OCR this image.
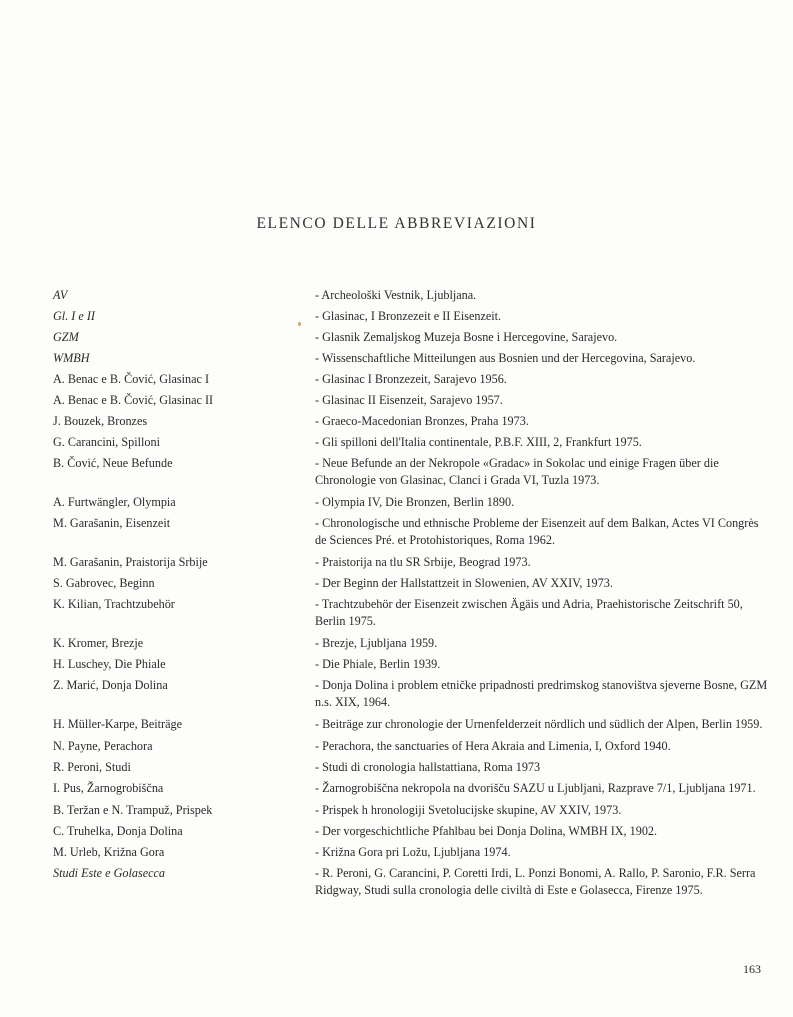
ELENCO DELLE ABBREVIAZIONI
AV	- Archeološki Vestnik, Ljubljana.
Gl. I e II	- Glasinac, I Bronzezeit e II Eisenzeit.
GZM	- Glasnik Zemaljskog Muzeja Bosne i Hercegovine, Sarajevo.
WMBH	- Wissenschaftliche Mitteilungen aus Bosnien und der Hercegovina, Sarajevo.
A. Benac e B. Čović, Glasinac I	- Glasinac I Bronzezeit, Sarajevo 1956.
A. Benac e B. Čović, Glasinac II	- Glasinac II Eisenzeit, Sarajevo 1957.
J. Bouzek, Bronzes	- Graeco-Macedonian Bronzes, Praha 1973.
G. Carancini, Spilloni	- Gli spilloni dell'Italia continentale, P.B.F. XIII, 2, Frankfurt 1975.
B. Čović, Neue Befunde	- Neue Befunde an der Nekropole «Gradac» in Sokolac und einige Fragen über die Chronologie von Glasinac, Clanci i Grada VI, Tuzla 1973.
A. Furtwängler, Olympia	- Olympia IV, Die Bronzen, Berlin 1890.
M. Garašanin, Eisenzeit	- Chronologische und ethnische Probleme der Eisenzeit auf dem Balkan, Actes VI Congrès de Sciences Pré. et Protohistoriques, Roma 1962.
M. Garašanin, Praistorija Srbije	- Praistorija na tlu SR Srbije, Beograd 1973.
S. Gabrovec, Beginn	- Der Beginn der Hallstattzeit in Slowenien, AV XXIV, 1973.
K. Kilian, Trachtzubehör	- Trachtzubehör der Eisenzeit zwischen Ägäis und Adria, Praehistorische Zeitschrift 50, Berlin 1975.
K. Kromer, Brezje	- Brezje, Ljubljana 1959.
H. Luschey, Die Phiale	- Die Phiale, Berlin 1939.
Z. Marić, Donja Dolina	- Donja Dolina i problem etničke pripadnosti predrimskog stanovištva sjeverne Bosne, GZM n.s. XIX, 1964.
H. Müller-Karpe, Beiträge	- Beiträge zur chronologie der Urnenfelderzeit nördlich und südlich der Alpen, Berlin 1959.
N. Payne, Perachora	- Perachora, the sanctuaries of Hera Akraia and Limenia, I, Oxford 1940.
R. Peroni, Studi	- Studi di cronologia hallstattiana, Roma 1973
I. Pus, Žarnogrobiščna	- Žarnogrobiščna nekropola na dvorišču SAZU u Ljubljani, Razprave 7/1, Ljubljana 1971.
B. Teržan e N. Trampuž, Prispek	- Prispek h hronologiji Svetolucijske skupine, AV XXIV, 1973.
C. Truhelka, Donja Dolina	- Der vorgeschichtliche Pfahlbau bei Donja Dolina, WMBH IX, 1902.
M. Urleb, Križna Gora	- Križna Gora pri Ložu, Ljubljana 1974.
Studi Este e Golasecca	- R. Peroni, G. Carancini, P. Coretti Irdi, L. Ponzi Bonomi, A. Rallo, P. Saronio, F.R. Serra Ridgway, Studi sulla cronologia delle civiltà di Este e Golasecca, Firenze 1975.
163
